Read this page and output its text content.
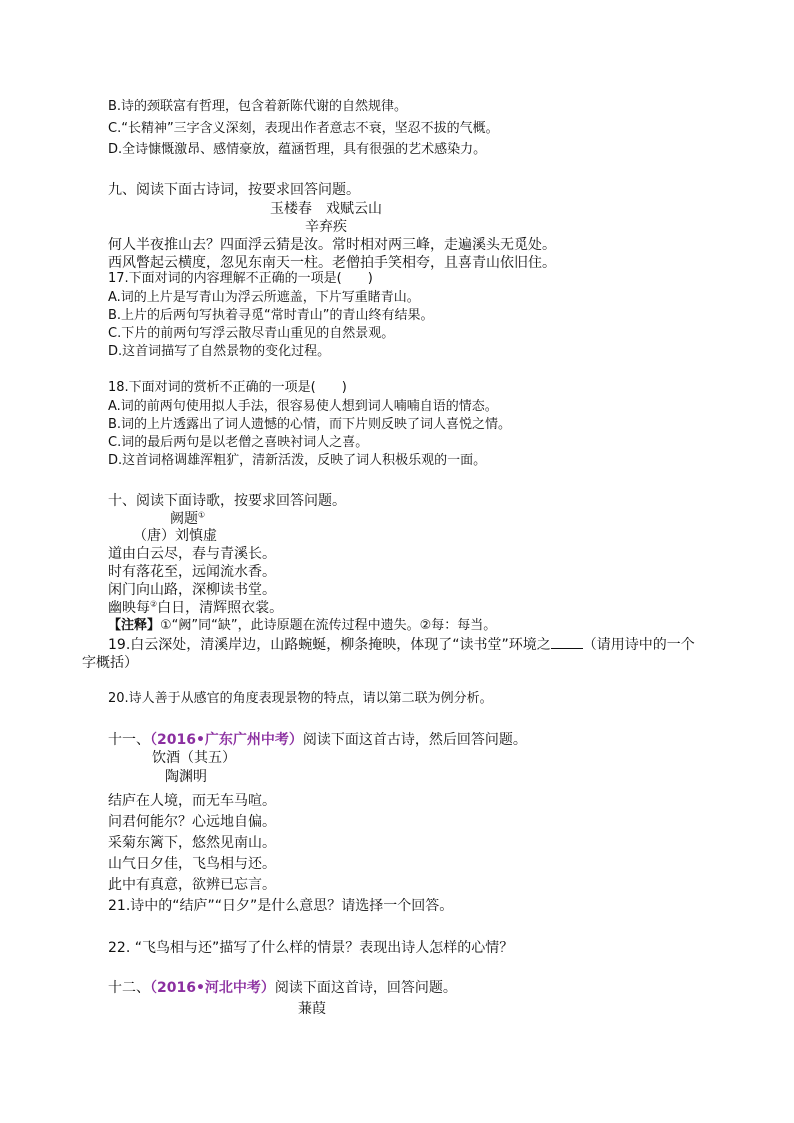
B.诗的颈联富有哲理，包含着新陈代谢的自然规律。
C.“长精神”三字含义深刻，表现出作者意志不衰，坚忍不拔的气概。
D.全诗慷慨激昂、感情豪放，蕴涵哲理，具有很强的艺术感染力。
九、阅读下面古诗词，按要求回答问题。
玉楼春　戏赋云山
辛弃疾
何人半夜推山去？四面浮云猜是汝。常时相对两三峰，走遍溪头无觅处。
西风瞥起云横度，忽见东南天一柱。老僧拍手笑相夸，且喜青山依旧住。
17.下面对词的内容理解不正确的一项是(　　)
A.词的上片是写青山为浮云所遮盖，下片写重睹青山。
B.上片的后两句写执着寻觅“常时青山”的青山终有结果。
C.下片的前两句写浮云散尽青山重见的自然景观。
D.这首词描写了自然景物的变化过程。
18.下面对词的赏析不正确的一项是(　　)
A.词的前两句使用拟人手法，很容易使人想到词人喃喃自语的情态。
B.词的上片透露出了词人遗憾的心情，而下片则反映了词人喜悦之情。
C.词的最后两句是以老僧之喜映衬词人之喜。
D.这首词格调雄浑粗犷，清新活泼，反映了词人积极乐观的一面。
十、阅读下面诗歌，按要求回答问题。
阙题①
（唐）刘慎虚
道由白云尽，春与青溪长。
时有落花至，远闻流水香。
闲门向山路，深柳读书堂。
幽映每②白日，清辉照衣裳。
【注释】①“阙”同“缺”，此诗原题在流传过程中遗失。②每：每当。
19.白云深处，清溪岸边，山路蜿蜒，柳条掩映，体现了“读书堂”环境之 （请用诗中的一个
字概括）
20.诗人善于从感官的角度表现景物的特点，请以第二联为例分析。
十一、（2016•广东广州中考）阅读下面这首古诗，然后回答问题。
饮酒（其五）
陶渊明
结庐在人境，而无车马喧。
问君何能尔？心远地自偏。
采菊东篱下，悠然见南山。
山气日夕佳，飞鸟相与还。
此中有真意，欲辨已忘言。
21.诗中的“结庐”“日夕”是什么意思？请选择一个回答。
22. “飞鸟相与还”描写了什么样的情景？表现出诗人怎样的心情？
十二、（2016•河北中考）阅读下面这首诗，回答问题。
蒹葭
